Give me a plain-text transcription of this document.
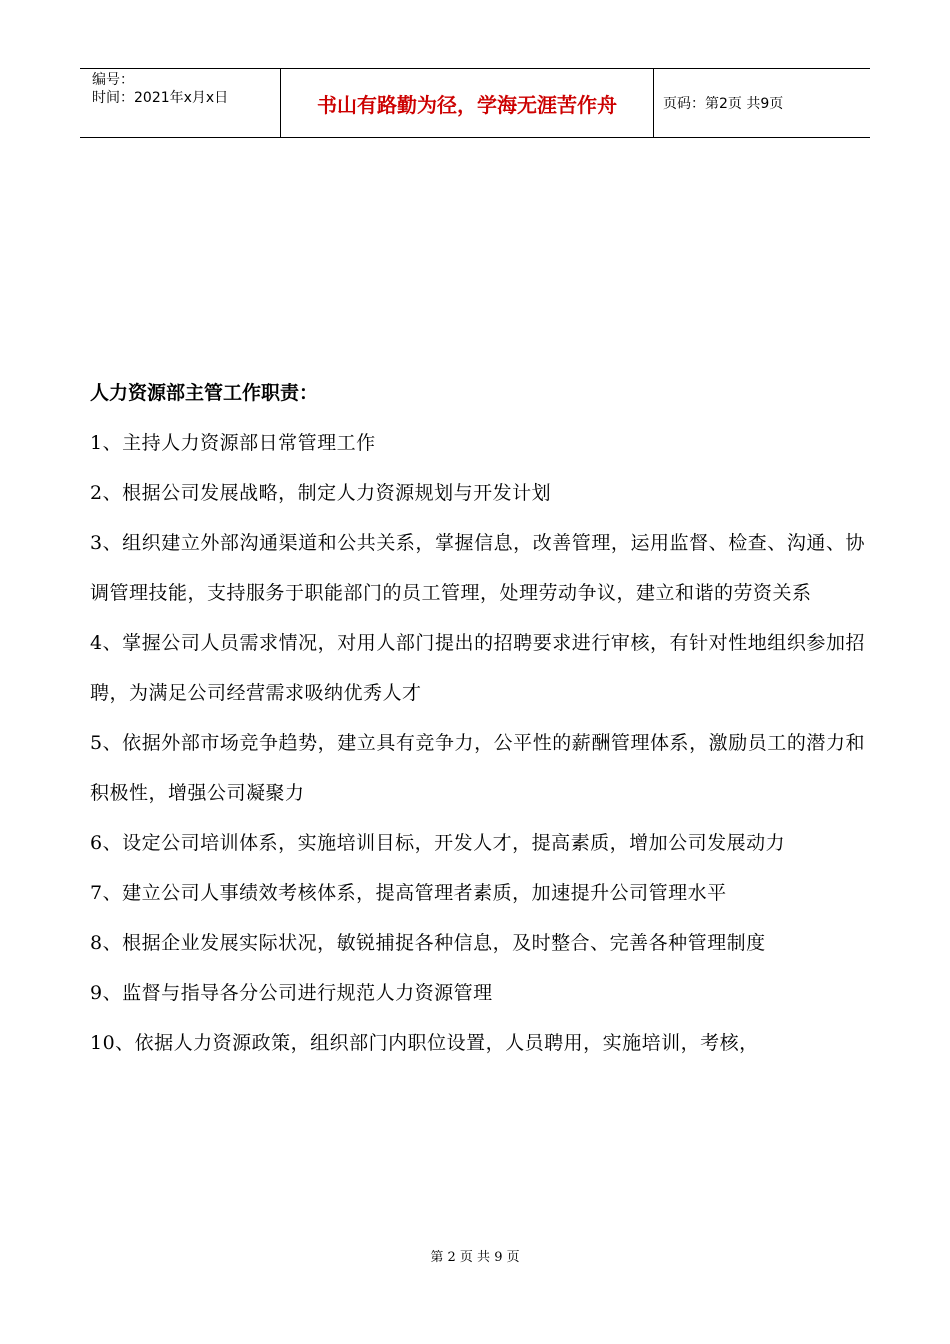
编号：
时间：2021年x月x日	书山有路勤为径，学海无涯苦作舟	页码：第2页 共9页

人力资源部主管工作职责：

1、主持人力资源部日常管理工作

2、根据公司发展战略，制定人力资源规划与开发计划

3、组织建立外部沟通渠道和公共关系，掌握信息，改善管理，运用监督、检查、沟通、协调管理技能，支持服务于职能部门的员工管理，处理劳动争议，建立和谐的劳资关系

4、掌握公司人员需求情况，对用人部门提出的招聘要求进行审核，有针对性地组织参加招聘，为满足公司经营需求吸纳优秀人才

5、依据外部市场竞争趋势，建立具有竞争力，公平性的薪酬管理体系，激励员工的潜力和积极性，增强公司凝聚力

6、设定公司培训体系，实施培训目标，开发人才，提高素质，增加公司发展动力

7、建立公司人事绩效考核体系，提高管理者素质，加速提升公司管理水平

8、根据企业发展实际状况，敏锐捕捉各种信息，及时整合、完善各种管理制度

9、监督与指导各分公司进行规范人力资源管理

10、依据人力资源政策，组织部门内职位设置，人员聘用，实施培训，考核，

第 2 页 共 9 页
